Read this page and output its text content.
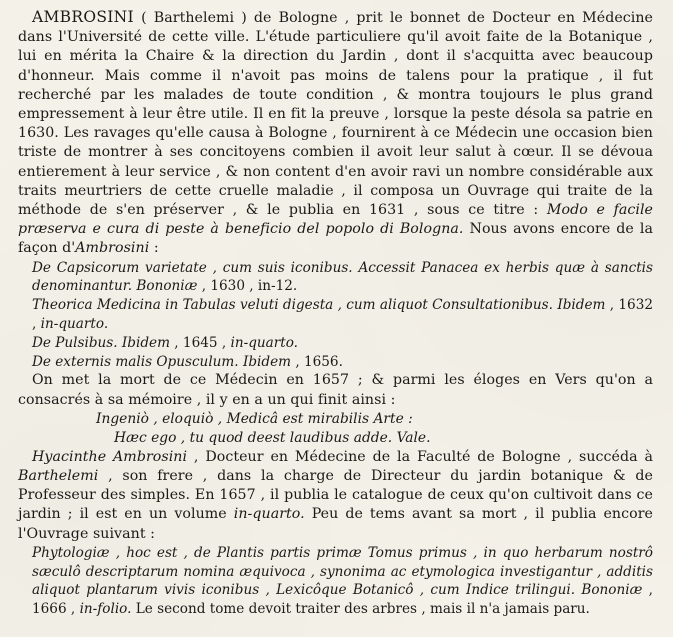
AMBROSINI ( Barthelemi ) de Bologne , prit le bonnet de Docteur en Médecine dans l'Université de cette ville. L'étude particuliere qu'il avoit faite de la Botanique , lui en mérita la Chaire & la direction du Jardin , dont il s'acquitta avec beaucoup d'honneur. Mais comme il n'avoit pas moins de talens pour la pratique , il fut recherché par les malades de toute condition , & montra toujours le plus grand empressement à leur être utile. Il en fit la preuve , lorsque la peste désola sa patrie en 1630. Les ravages qu'elle causa à Bologne , fournirent à ce Médecin une occasion bien triste de montrer à ses concitoyens combien il avoit leur salut à cœur. Il se dévoua entierement à leur service , & non content d'en avoir ravi un nombre considérable aux traits meurtriers de cette cruelle maladie , il composa un Ouvrage qui traite de la méthode de s'en préserver , & le publia en 1631 , sous ce titre : Modo e facile præserva e cura di peste à beneficio del popolo di Bologna. Nous avons encore de la façon d'Ambrosini :

De Capsicorum varietate , cum suis iconibus. Accessit Panacea ex herbis quæ à sanctis denominantur. Bononiæ , 1630 , in-12.

Theorica Medicina in Tabulas veluti digesta , cum aliquot Consultationibus. Ibidem , 1632 , in-quarto.

De Pulsibus. Ibidem , 1645 , in-quarto.

De externis malis Opusculum. Ibidem , 1656.

On met la mort de ce Médecin en 1657 ; & parmi les éloges en Vers qu'on a consacrés à sa mémoire , il y en a un qui finit ainsi :

Ingeniò , eloquiò , Medicâ est mirabilis Arte :

Hæc ego , tu quod deest laudibus adde. Vale.

Hyacinthe Ambrosini , Docteur en Médecine de la Faculté de Bologne , succéda à Barthelemi , son frere , dans la charge de Directeur du jardin botanique & de Professeur des simples. En 1657 , il publia le catalogue de ceux qu'on cultivoit dans ce jardin ; il est en un volume in-quarto. Peu de tems avant sa mort , il publia encore l'Ouvrage suivant :

Phytologiæ , hoc est , de Plantis partis primæ Tomus primus , in quo herbarum nostrô sæculô descriptarum nomina æquivoca , synonima ac etymologica investigantur , additis aliquot plantarum vivis iconibus , Lexicôque Botanicô , cum Indice trilingui. Bononiæ , 1666 , in-folio. Le second tome devoit traiter des arbres , mais il n'a jamais paru.
